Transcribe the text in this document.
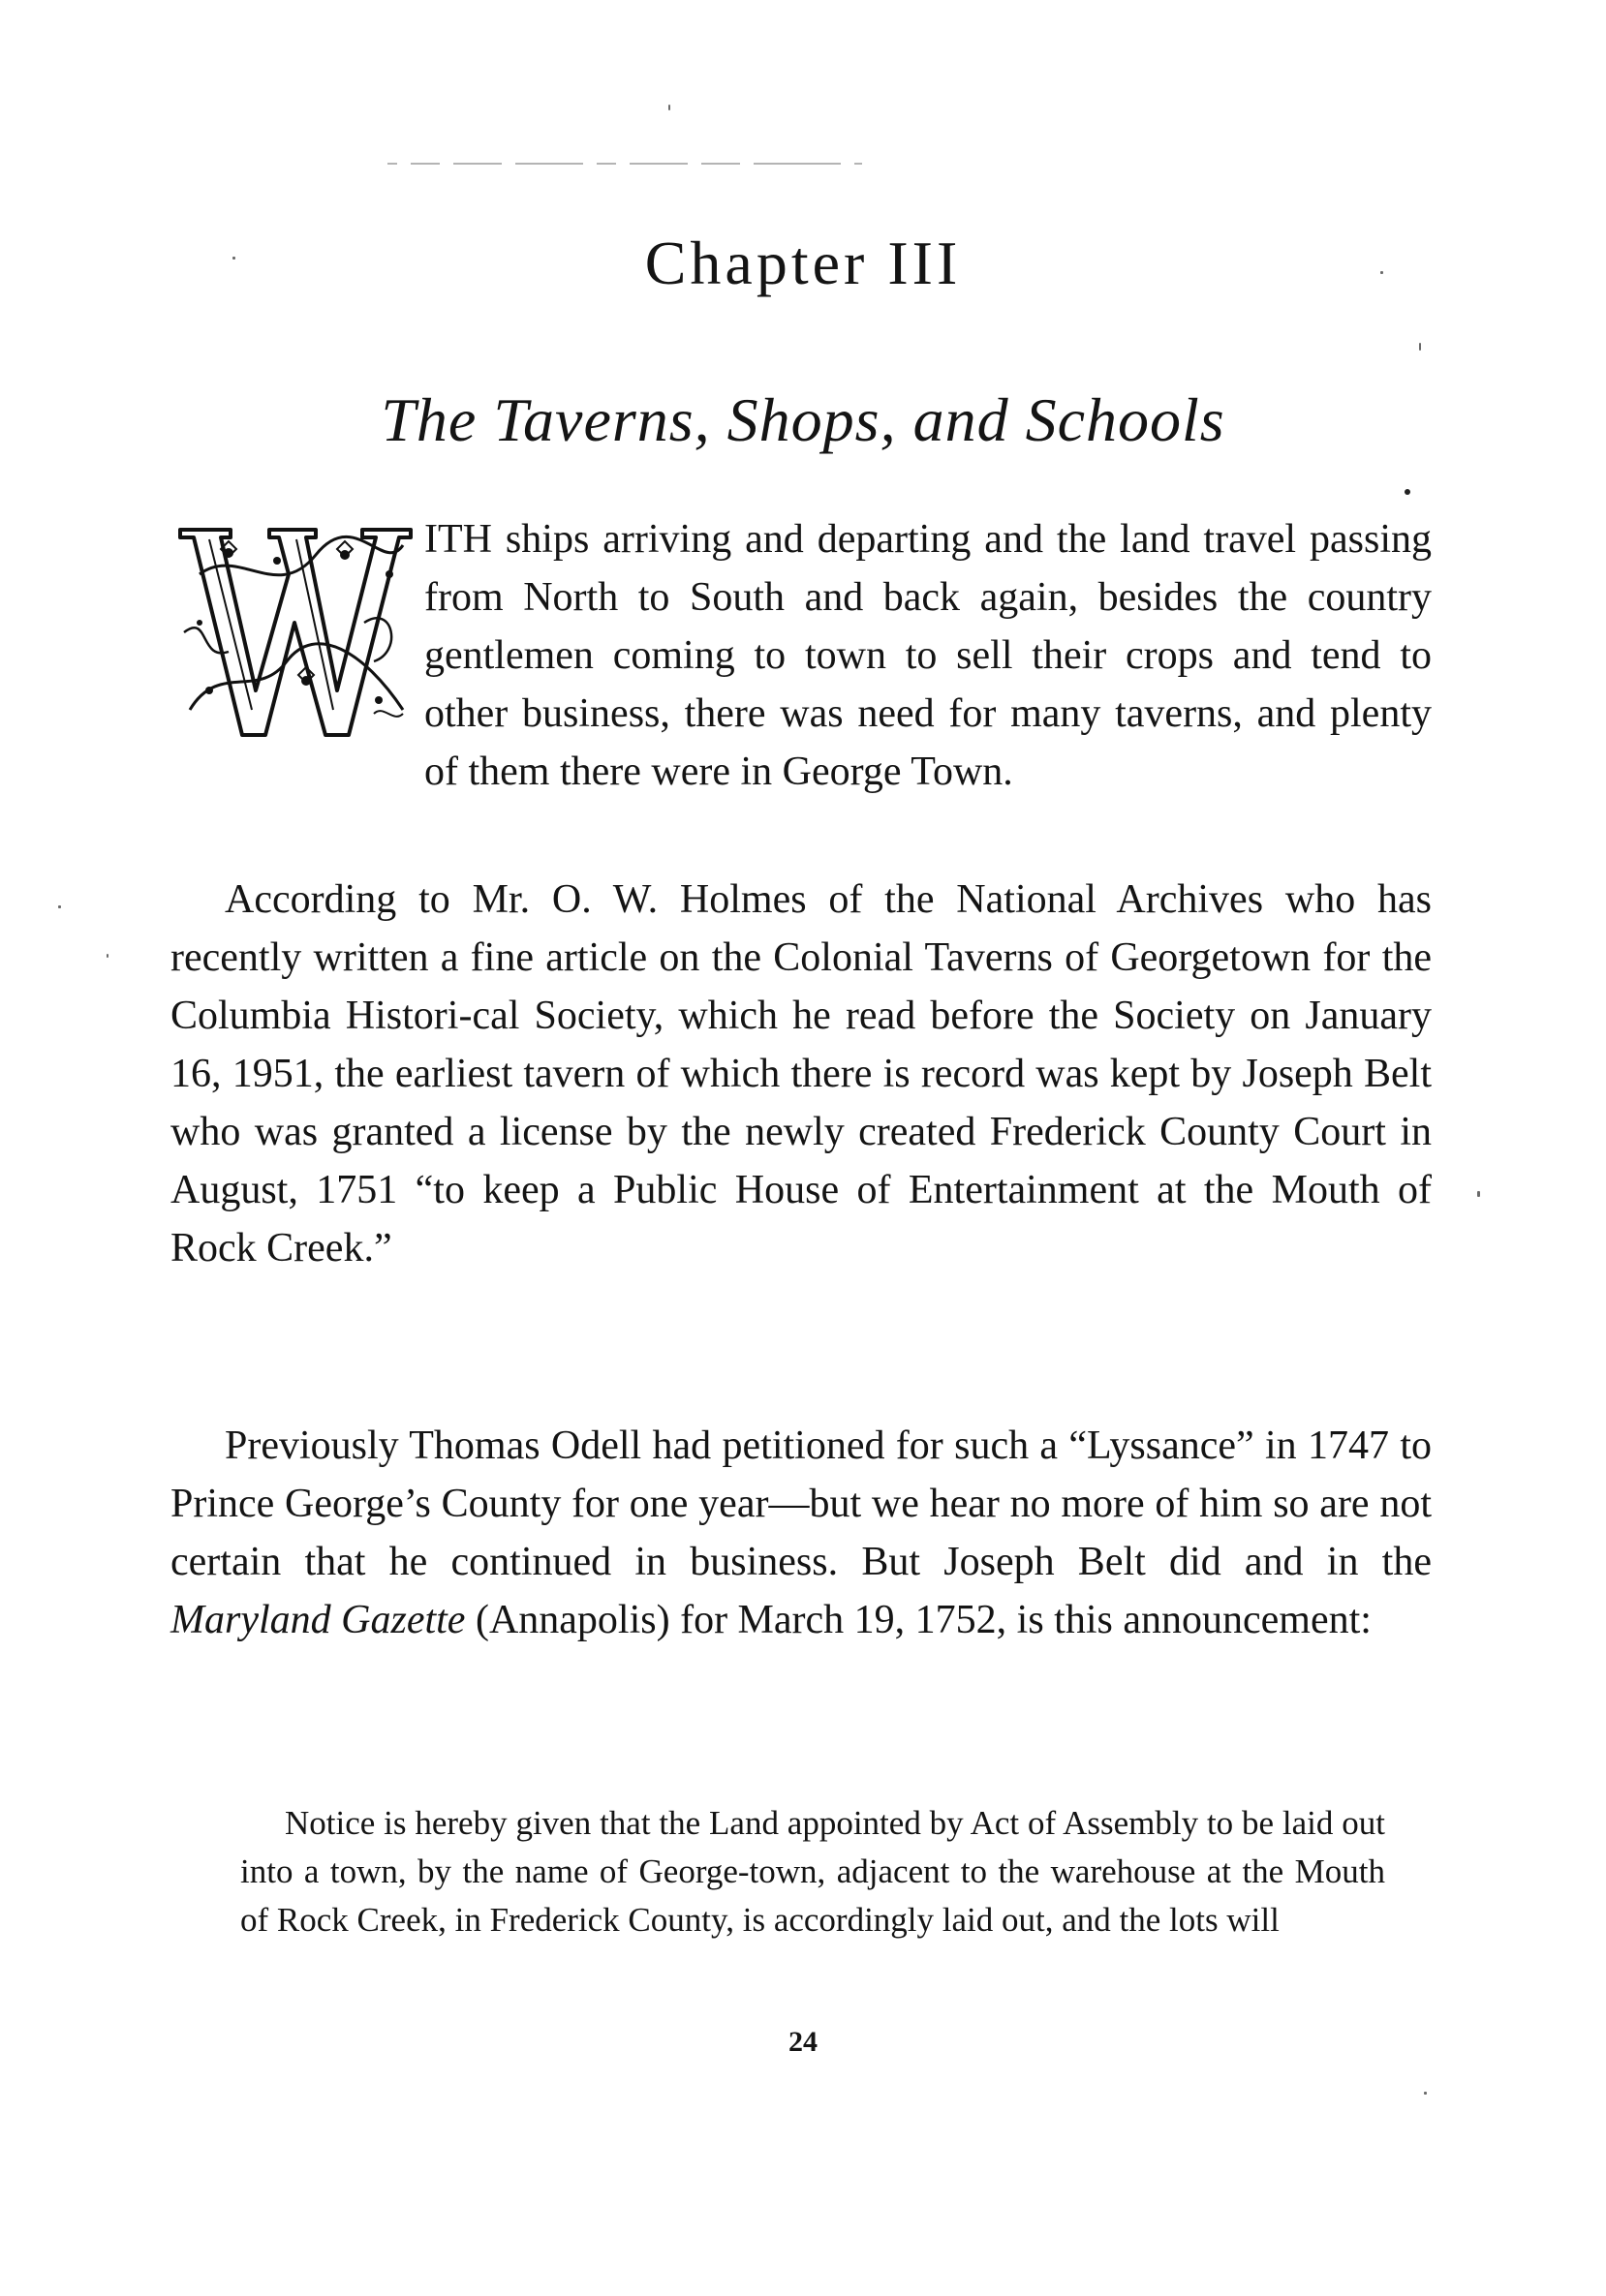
Chapter III
The Taverns, Shops, and Schools

ITH ships arriving and departing and the land travel passing from North to South and back again, besides the country gentlemen coming to town to sell their crops and tend to other business, there was need for many taverns, and plenty of them there were in George Town.

According to Mr. O. W. Holmes of the National Archives who has recently written a fine article on the Colonial Taverns of Georgetown for the Columbia Histori-cal Society, which he read before the Society on January 16, 1951, the earliest tavern of which there is record was kept by Joseph Belt who was granted a license by the newly created Frederick County Court in August, 1751 “to keep a Public House of Entertainment at the Mouth of Rock Creek.”

Previously Thomas Odell had petitioned for such a “Lyssance” in 1747 to Prince George’s County for one year—but we hear no more of him so are not certain that he continued in business. But Joseph Belt did and in the Maryland Gazette (Annapolis) for March 19, 1752, is this announcement:

Notice is hereby given that the Land appointed by Act of Assembly to be laid out into a town, by the name of George-town, adjacent to the warehouse at the Mouth of Rock Creek, in Frederick County, is accordingly laid out, and the lots will

24
